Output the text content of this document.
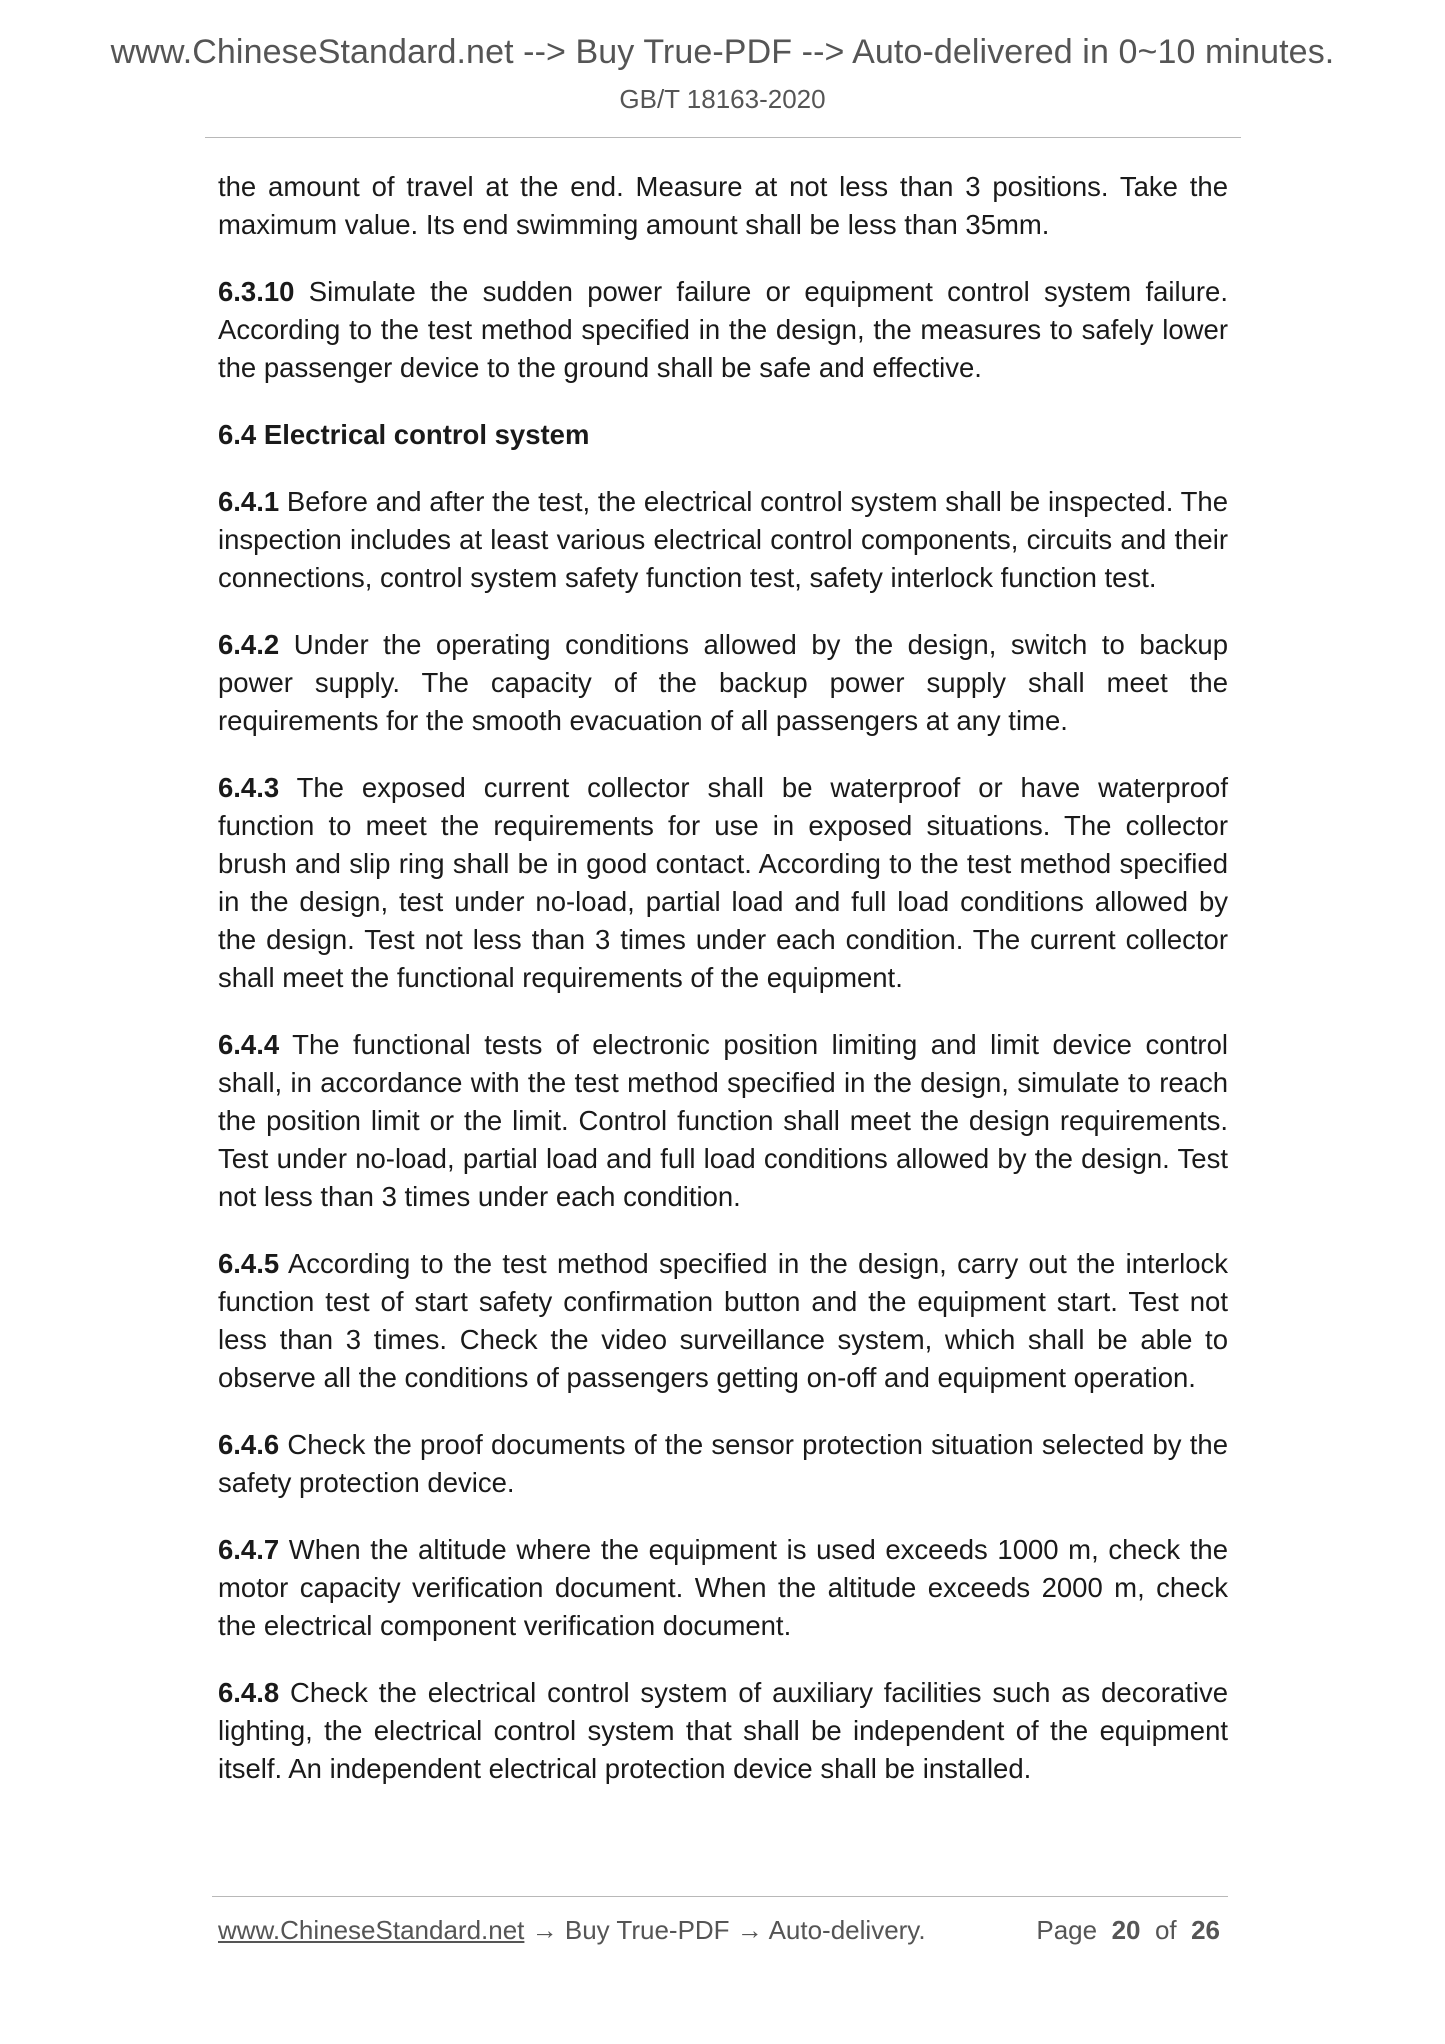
www.ChineseStandard.net --> Buy True-PDF --> Auto-delivered in 0~10 minutes.
GB/T 18163-2020

the amount of travel at the end. Measure at not less than 3 positions. Take the maximum value. Its end swimming amount shall be less than 35mm.

6.3.10 Simulate the sudden power failure or equipment control system failure. According to the test method specified in the design, the measures to safely lower the passenger device to the ground shall be safe and effective.

6.4 Electrical control system

6.4.1 Before and after the test, the electrical control system shall be inspected. The inspection includes at least various electrical control components, circuits and their connections, control system safety function test, safety interlock function test.

6.4.2 Under the operating conditions allowed by the design, switch to backup power supply. The capacity of the backup power supply shall meet the requirements for the smooth evacuation of all passengers at any time.

6.4.3 The exposed current collector shall be waterproof or have waterproof function to meet the requirements for use in exposed situations. The collector brush and slip ring shall be in good contact. According to the test method specified in the design, test under no-load, partial load and full load conditions allowed by the design. Test not less than 3 times under each condition. The current collector shall meet the functional requirements of the equipment.

6.4.4 The functional tests of electronic position limiting and limit device control shall, in accordance with the test method specified in the design, simulate to reach the position limit or the limit. Control function shall meet the design requirements. Test under no-load, partial load and full load conditions allowed by the design. Test not less than 3 times under each condition.

6.4.5 According to the test method specified in the design, carry out the interlock function test of start safety confirmation button and the equipment start. Test not less than 3 times. Check the video surveillance system, which shall be able to observe all the conditions of passengers getting on-off and equipment operation.

6.4.6 Check the proof documents of the sensor protection situation selected by the safety protection device.

6.4.7 When the altitude where the equipment is used exceeds 1000 m, check the motor capacity verification document. When the altitude exceeds 2000 m, check the electrical component verification document.

6.4.8 Check the electrical control system of auxiliary facilities such as decorative lighting, the electrical control system that shall be independent of the equipment itself. An independent electrical protection device shall be installed.

www.ChineseStandard.net → Buy True-PDF → Auto-delivery.	Page 20 of 26
